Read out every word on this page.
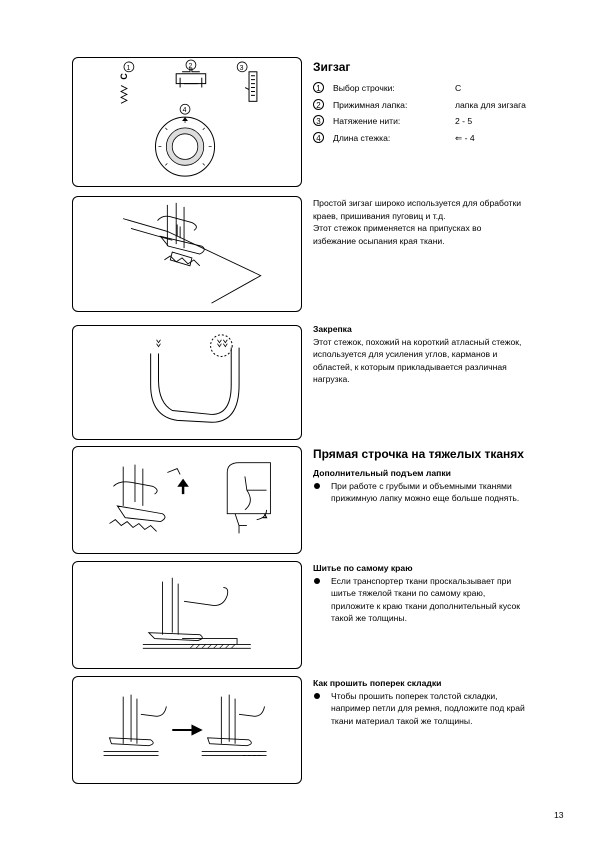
C
1	2	3
4
Зигзаг
1	Выбор строчки:	C
2	Прижимная лапка:	лапка для зигзага
3	Натяжение нити:	2 - 5
4	Длина стежка:	⇐ - 4
Простой зигзаг широко используется для обработки
краев, пришивания пуговиц и т.д.
Этот стежок применяется на припусках во
избежание осыпания края ткани.
Закрепка
Этот стежок, похожий на короткий атласный стежок,
используется для усиления углов, карманов и
областей, к которым прикладывается различная
нагрузка.
Прямая строчка на тяжелых тканях
Дополнительный подъем лапки
При работе с грубыми и объемными тканями
прижимную лапку можно еще больше поднять.
Шитье по самому краю
Если транспортер ткани проскальзывает при
шитье тяжелой ткани по самому краю,
приложите к краю ткани дополнительный кусок
такой же толщины.
Как прошить поперек складки
Чтобы прошить поперек толстой складки,
например петли для ремня, подложите под край
ткани материал такой же толщины.
13
